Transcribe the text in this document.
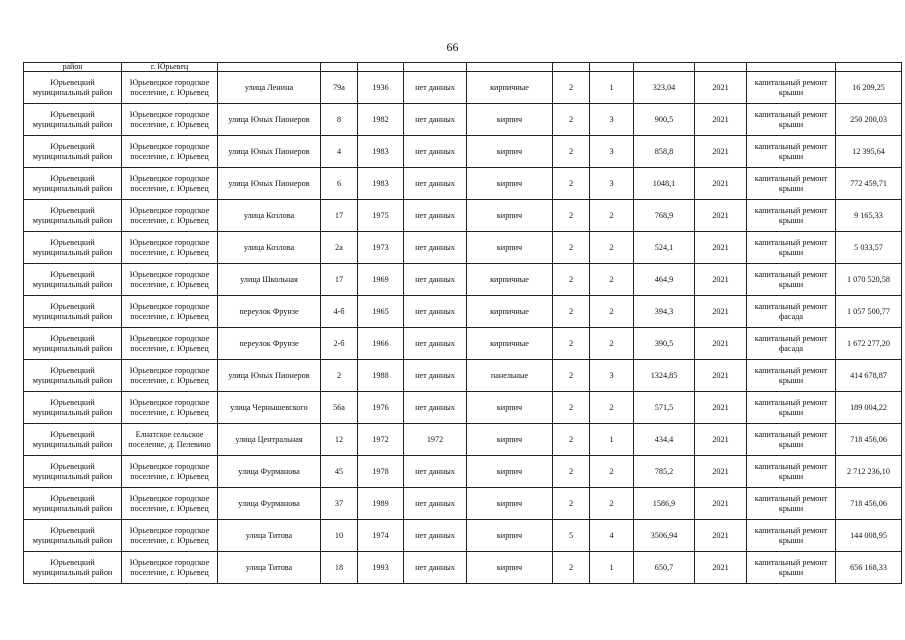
66
район	г. Юрьевец											
Юрьевецкий муниципальный район	Юрьевецкое городское поселение, г. Юрьевец	улица Ленина	79а	1936	нет данных	кирпичные	2	1	323,04	2021	капитальный ремонт крыши	16 209,25
Юрьевецкий муниципальный район	Юрьевецкое городское поселение, г. Юрьевец	улица Юных Пионеров	8	1982	нет данных	кирпич	2	3	900,5	2021	капитальный ремонт крыши	250 200,03
Юрьевецкий муниципальный район	Юрьевецкое городское поселение, г. Юрьевец	улица Юных Пионеров	4	1983	нет данных	кирпич	2	3	858,8	2021	капитальный ремонт крыши	12 395,64
Юрьевецкий муниципальный район	Юрьевецкое городское поселение, г. Юрьевец	улица Юных Пионеров	6	1983	нет данных	кирпич	2	3	1048,1	2021	капитальный ремонт крыши	772 459,71
Юрьевецкий муниципальный район	Юрьевецкое городское поселение, г. Юрьевец	улица Козлова	17	1975	нет данных	кирпич	2	2	768,9	2021	капитальный ремонт крыши	9 165,33
Юрьевецкий муниципальный район	Юрьевецкое городское поселение, г. Юрьевец	улица Козлова	2а	1973	нет данных	кирпич	2	2	524,1	2021	капитальный ремонт крыши	5 033,57
Юрьевецкий муниципальный район	Юрьевецкое городское поселение, г. Юрьевец	улица Школьная	17	1969	нет данных	кирпичные	2	2	464,9	2021	капитальный ремонт крыши	1 070 520,58
Юрьевецкий муниципальный район	Юрьевецкое городское поселение, г. Юрьевец	переулок Фрунзе	4-б	1965	нет данных	кирпичные	2	2	394,3	2021	капитальный ремонт фасада	1 057 500,77
Юрьевецкий муниципальный район	Юрьевецкое городское поселение, г. Юрьевец	переулок Фрунзе	2-б	1966	нет данных	кирпичные	2	2	390,5	2021	капитальный ремонт фасада	1 672 277,20
Юрьевецкий муниципальный район	Юрьевецкое городское поселение, г. Юрьевец	улица Юных Пионеров	2	1988	нет данных	панельные	2	3	1324,85	2021	капитальный ремонт крыши	414 678,87
Юрьевецкий муниципальный район	Юрьевецкое городское поселение, г. Юрьевец	улица Чернышевского	56а	1976	нет данных	кирпич	2	2	571,5	2021	капитальный ремонт крыши	189 004,22
Юрьевецкий муниципальный район	Елнатское сельское поселение, д. Пелевино	улица Центральная	12	1972	1972	кирпич	2	1	434,4	2021	капитальный ремонт крыши	718 456,06
Юрьевецкий муниципальный район	Юрьевецкое городское поселение, г. Юрьевец	улица Фурманова	45	1978	нет данных	кирпич	2	2	785,2	2021	капитальный ремонт крыши	2 712 236,10
Юрьевецкий муниципальный район	Юрьевецкое городское поселение, г. Юрьевец	улица Фурманова	37	1989	нет данных	кирпич	2	2	1586,9	2021	капитальный ремонт крыши	718 456,06
Юрьевецкий муниципальный район	Юрьевецкое городское поселение, г. Юрьевец	улица Титова	10	1974	нет данных	кирпич	5	4	3506,94	2021	капитальный ремонт крыши	144 008,95
Юрьевецкий муниципальный район	Юрьевецкое городское поселение, г. Юрьевец	улица Титова	18	1993	нет данных	кирпич	2	1	650,7	2021	капитальный ремонт крыши	656 168,33
